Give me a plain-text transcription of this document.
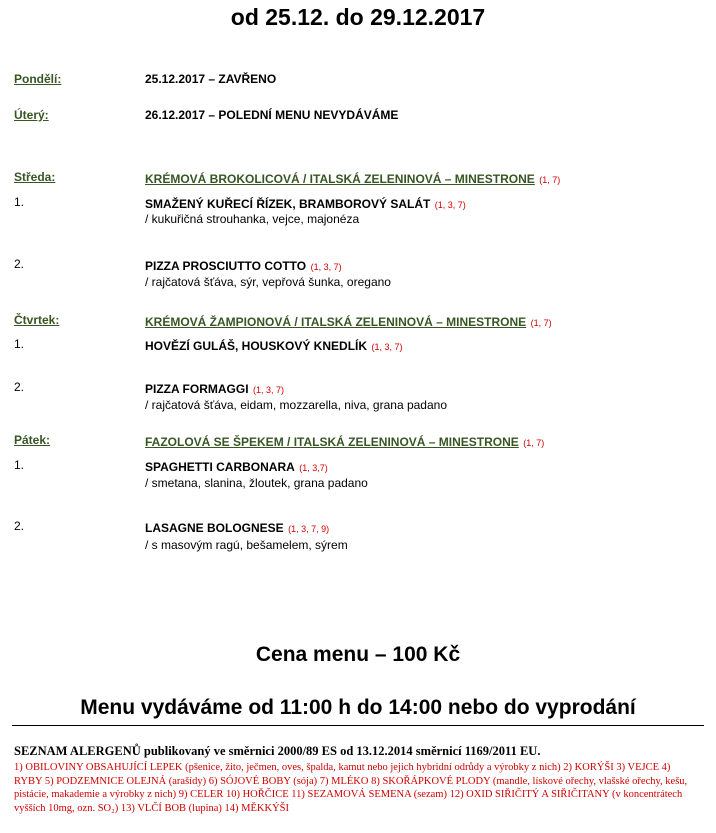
od 25.12. do 29.12.2017
Pondělí:	25.12.2017 – ZAVŘENO
Úterý:	26.12.2017 – POLEDNÍ MENU NEVYDÁVÁME
Středa:	KRÉMOVÁ BROKOLICOVÁ / ITALSKÁ ZELENINOVÁ – MINESTRONE (1, 7)
1.	SMAŽENÝ KUŘECÍ ŘÍZEK, BRAMBOROVÝ SALÁT (1, 3, 7)
/ kukuřičná strouhanka, vejce, majonéza
2.	PIZZA PROSCIUTTO COTTO (1, 3, 7)
/ rajčatová šťáva, sýr, vepřová šunka, oregano
Čtvrtek:	KRÉMOVÁ ŽAMPIONOVÁ / ITALSKÁ ZELENINOVÁ – MINESTRONE (1, 7)
1.	HOVĚZÍ GULÁŠ, HOUSKOVÝ KNEDLÍK (1, 3, 7)
2.	PIZZA FORMAGGI (1, 3, 7)
/ rajčatová šťáva, eidam, mozzarella, niva, grana padano
Pátek:	FAZOLOVÁ SE ŠPEKEM / ITALSKÁ ZELENINOVÁ – MINESTRONE (1, 7)
1.	SPAGHETTI CARBONARA (1, 3,7)
/ smetana, slanina, žloutek, grana padano
2.	LASAGNE BOLOGNESE (1, 3, 7, 9)
/ s masovým ragú, bešamelem, sýrem
Cena menu – 100 Kč
Menu vydáváme od 11:00 h do 14:00 nebo do vyprodání
SEZNAM ALERGENŮ publikovaný ve směrnici 2000/89 ES od 13.12.2014 směrnicí 1169/2011 EU.
1) OBILOVINY OBSAHUJÍCÍ LEPEK (pšenice, žito, ječmen, oves, špalda, kamut nebo jejich hybridní odrůdy a výrobky z nich) 2) KORÝŠI 3) VEJCE 4) RYBY 5) PODZEMNICE OLEJNÁ (arašídy) 6) SÓJOVÉ BOBY (sója) 7) MLÉKO 8) SKOŘÁPKOVÉ PLODY (mandle, lískové ořechy, vlašské ořechy, kešu, pistácie, makademie a výrobky z nich) 9) CELER 10) HOŘČICE 11) SEZAMOVÁ SEMENA (sezam) 12) OXID SIŘIČITÝ A SIŘIČITANY (v koncentrátech vyšších 10mg, ozn. SO₂) 13) VLČÍ BOB (lupina) 14) MĚKKÝŠI
